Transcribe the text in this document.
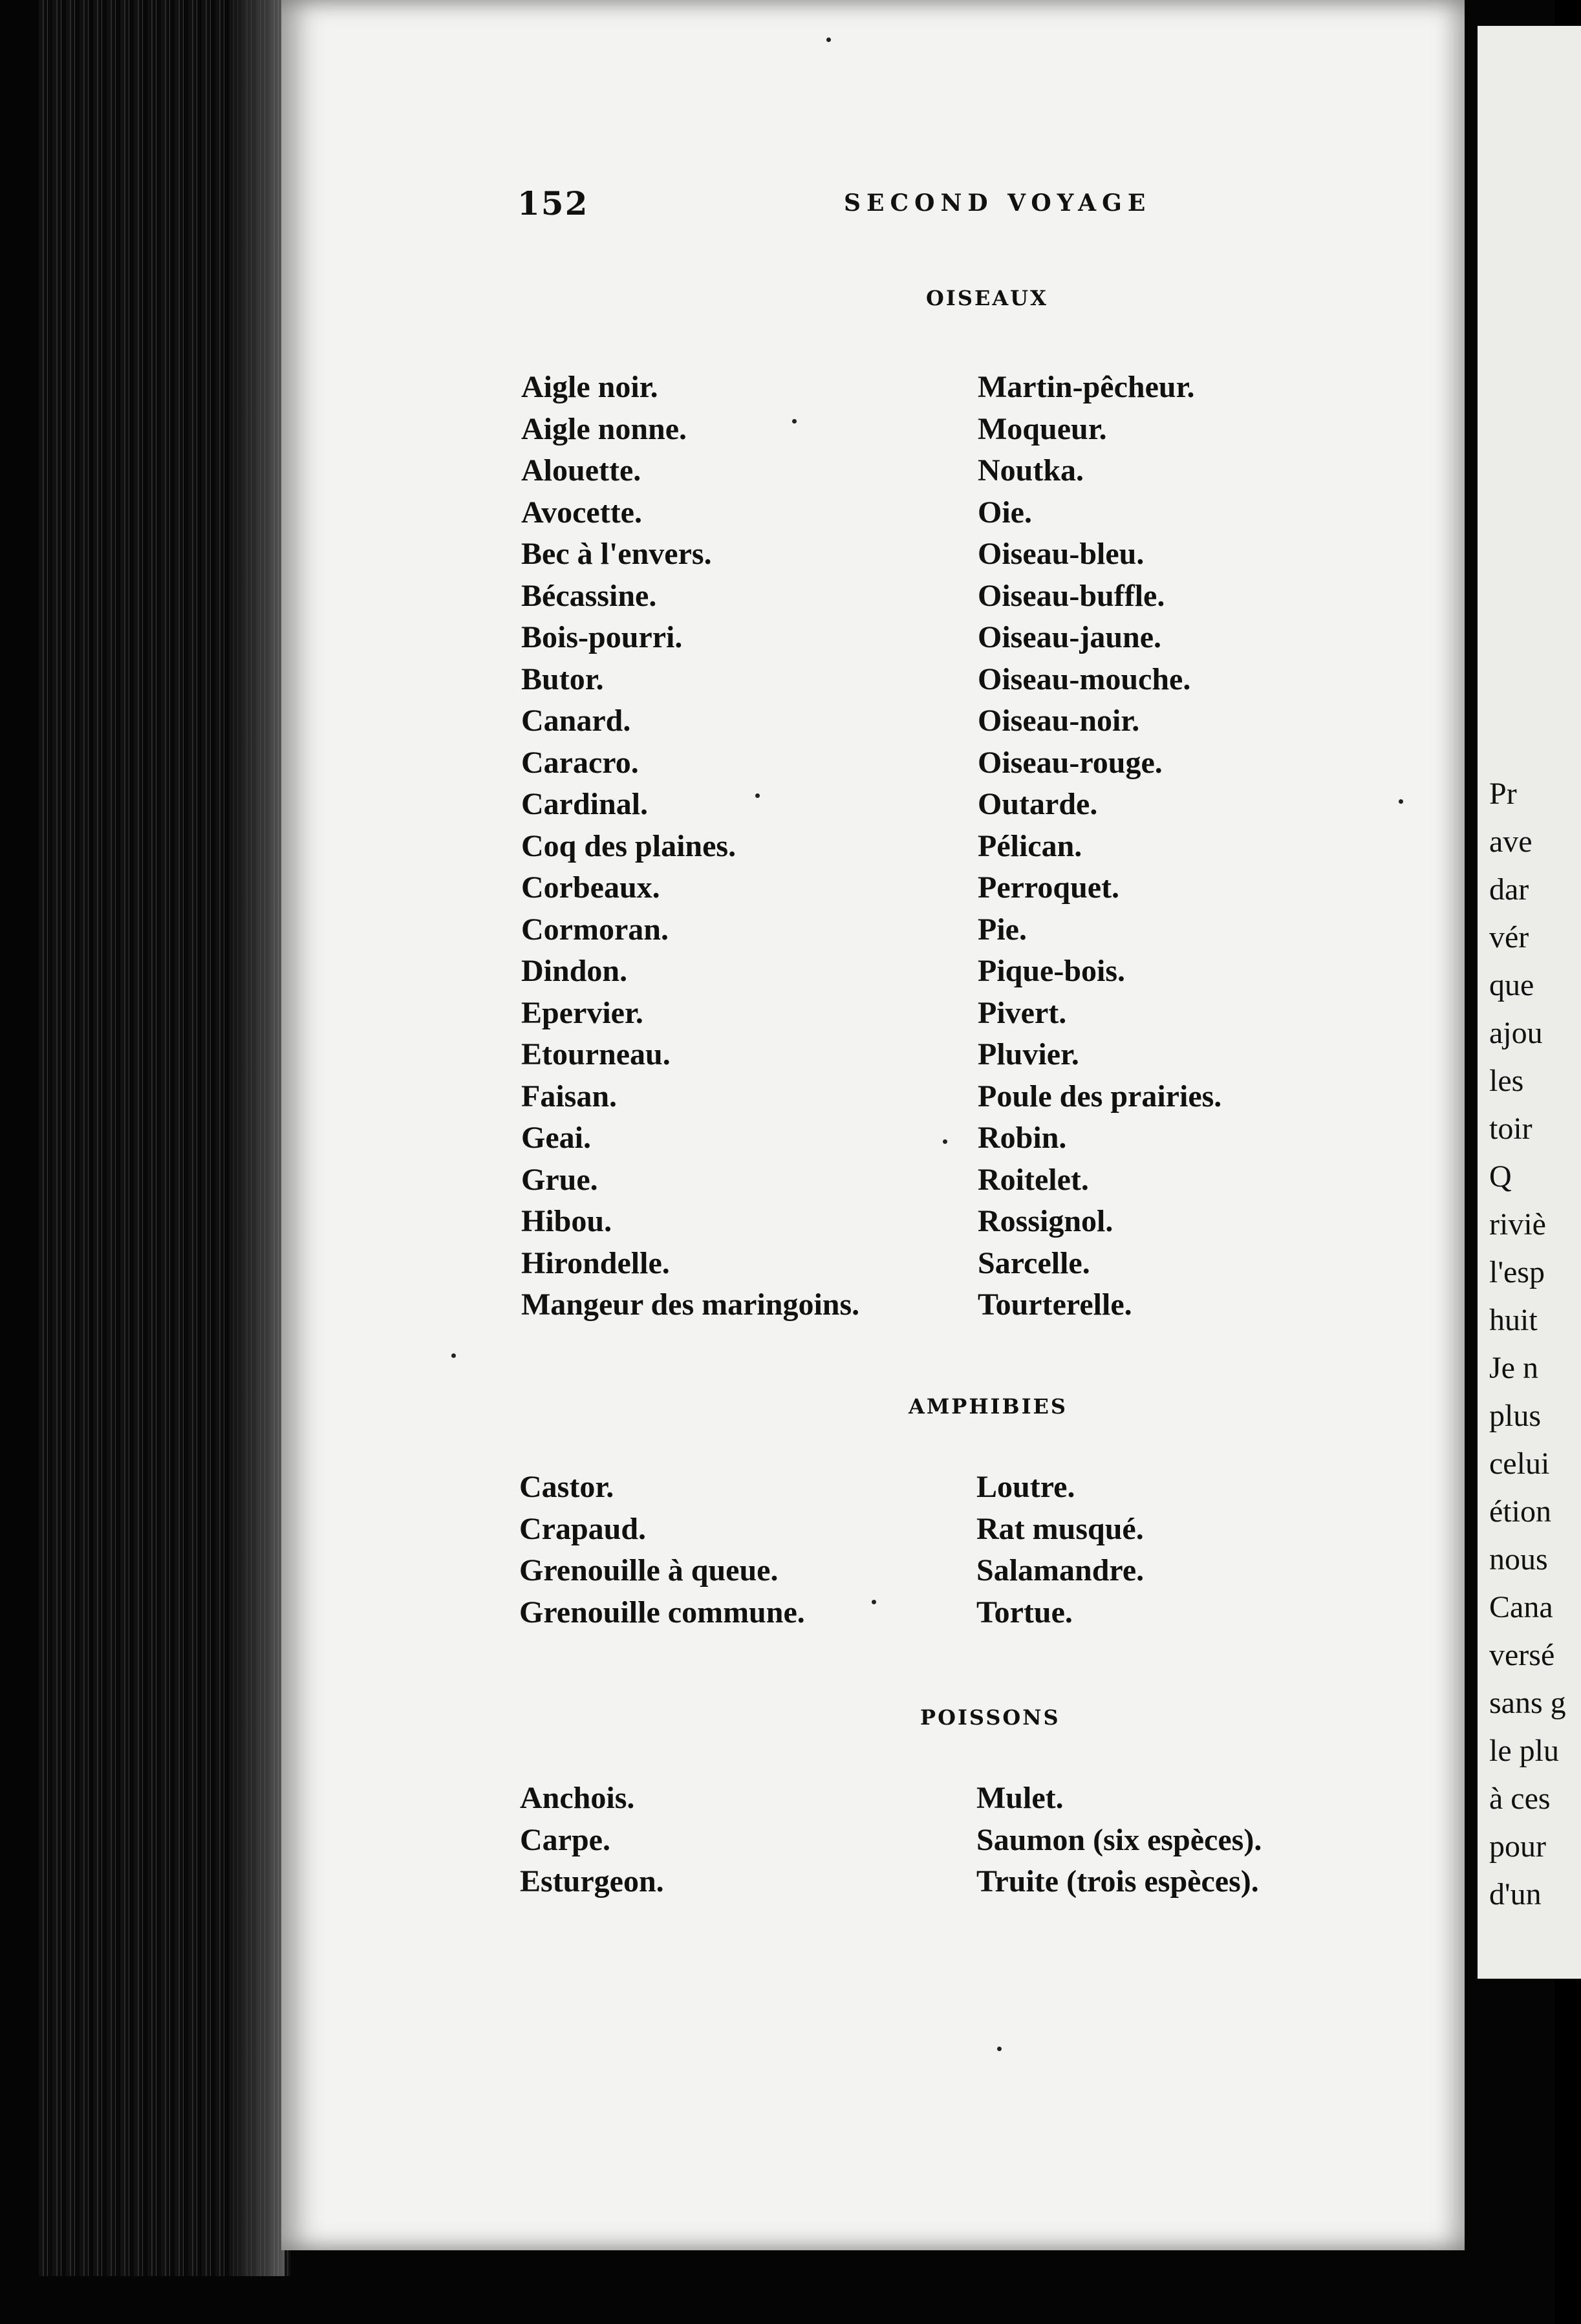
Pr
ave
dar
vér
que
ajou
les
toir
Q
riviè
l'esp
huit
Je n
plus
celui
étion
nous
Cana
versé
sans g
le plu
à ces
pour
d'un
152	SECOND VOYAGE
OISEAUX
Aigle noir.
Aigle nonne.
Alouette.
Avocette.
Bec à l'envers.
Bécassine.
Bois-pourri.
Butor.
Canard.
Caracro.
Cardinal.
Coq des plaines.
Corbeaux.
Cormoran.
Dindon.
Epervier.
Etourneau.
Faisan.
Geai.
Grue.
Hibou.
Hirondelle.
Mangeur des maringoins.
Martin-pêcheur.
Moqueur.
Noutka.
Oie.
Oiseau-bleu.
Oiseau-buffle.
Oiseau-jaune.
Oiseau-mouche.
Oiseau-noir.
Oiseau-rouge.
Outarde.
Pélican.
Perroquet.
Pie.
Pique-bois.
Pivert.
Pluvier.
Poule des prairies.
Robin.
Roitelet.
Rossignol.
Sarcelle.
Tourterelle.
AMPHIBIES
Castor.
Crapaud.
Grenouille à queue.
Grenouille commune.
Loutre.
Rat musqué.
Salamandre.
Tortue.
POISSONS
Anchois.
Carpe.
Esturgeon.
Mulet.
Saumon (six espèces).
Truite (trois espèces).
